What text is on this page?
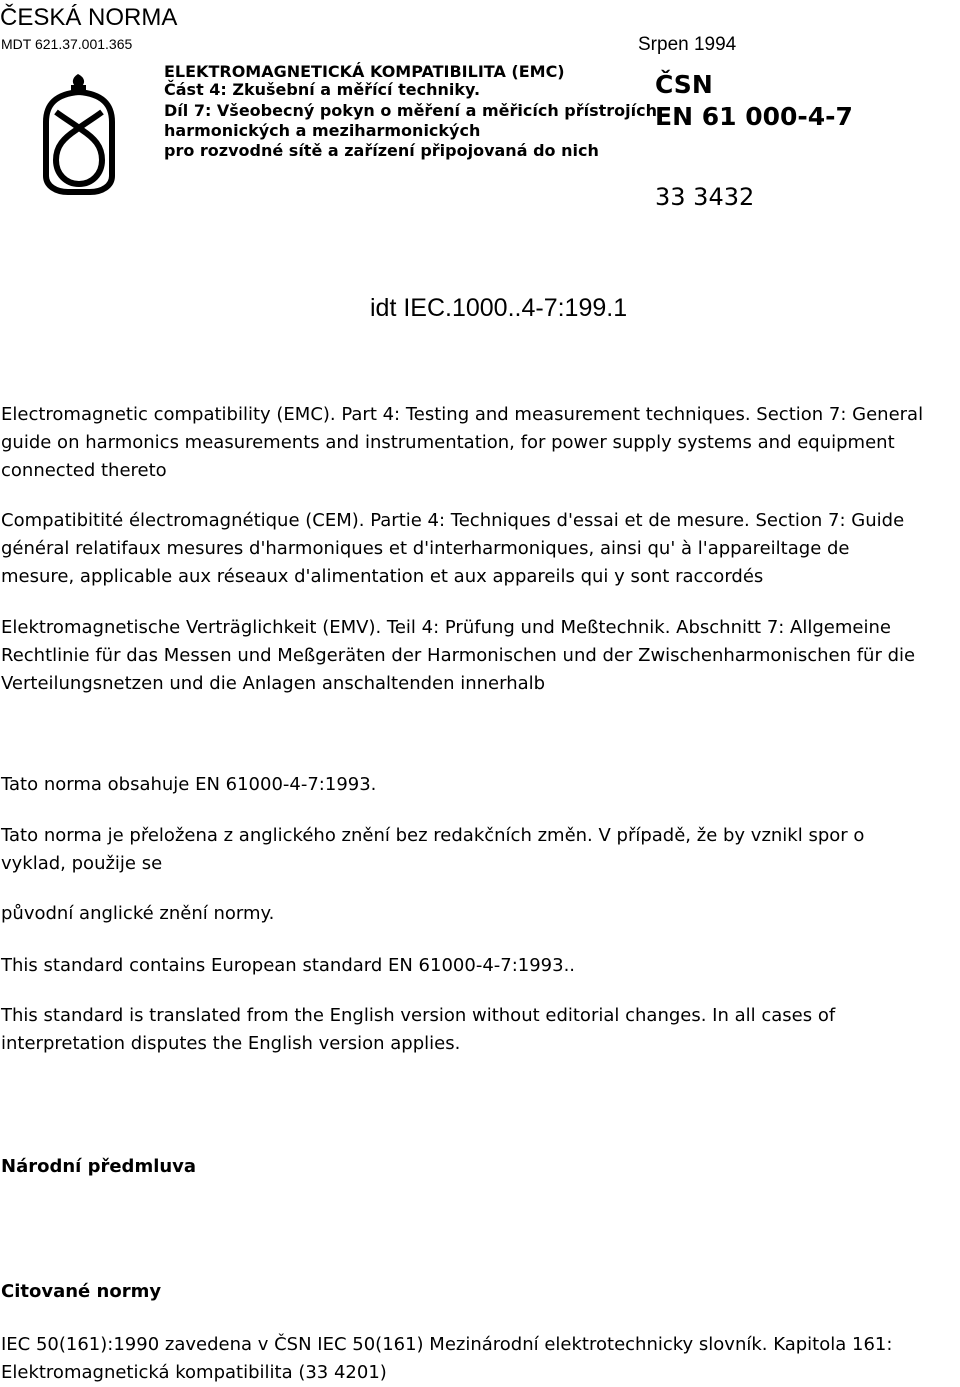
ČESKÁ NORMA
MDT 621.37.001.365	Srpen 1994
ELEKTROMAGNETICKÁ KOMPATIBILITA (EMC)
Část 4: Zkušební a měřící techniky.
Díl 7: Všeobecný pokyn o měření a měřicích přístrojích
harmonických a meziharmonických
pro rozvodné sítě a zařízení připojovaná do nich
ČSN
EN 61 000-4-7
33 3432
idt IEC.1000..4-7:199.1
Electromagnetic compatibility (EMC). Part 4: Testing and measurement techniques. Section 7: General
guide on harmonics measurements and instrumentation, for power supply systems and equipment
connected thereto
Compatibitité électromagnétique (CEM). Partie 4: Techniques d'essai et de mesure. Section 7: Guide
général relatifaux mesures d'harmoniques et d'interharmoniques, ainsi qu' à l'appareiltage de
mesure, applicable aux réseaux d'alimentation et aux appareils qui y sont raccordés
Elektromagnetische Verträglichkeit (EMV). Teil 4: Prüfung und Meßtechnik. Abschnitt 7: Allgemeine
Rechtlinie für das Messen und Meßgeräten der Harmonischen und der Zwischenharmonischen für die
Verteilungsnetzen und die Anlagen anschaltenden innerhalb
Tato norma obsahuje EN 61000-4-7:1993.
Tato norma je přeložena z anglického znění bez redakčních změn. V případě, že by vznikl spor o
vyklad, použije se
původní anglické znění normy.
This standard contains European standard EN 61000-4-7:1993..
This standard is translated from the English version without editorial changes. In all cases of
interpretation disputes the English version applies.
Národní předmluva
Citované normy
IEC 50(161):1990 zavedena v ČSN IEC 50(161) Mezinárodní elektrotechnicky slovník. Kapitola 161:
Elektromagnetická kompatibilita (33 4201)
